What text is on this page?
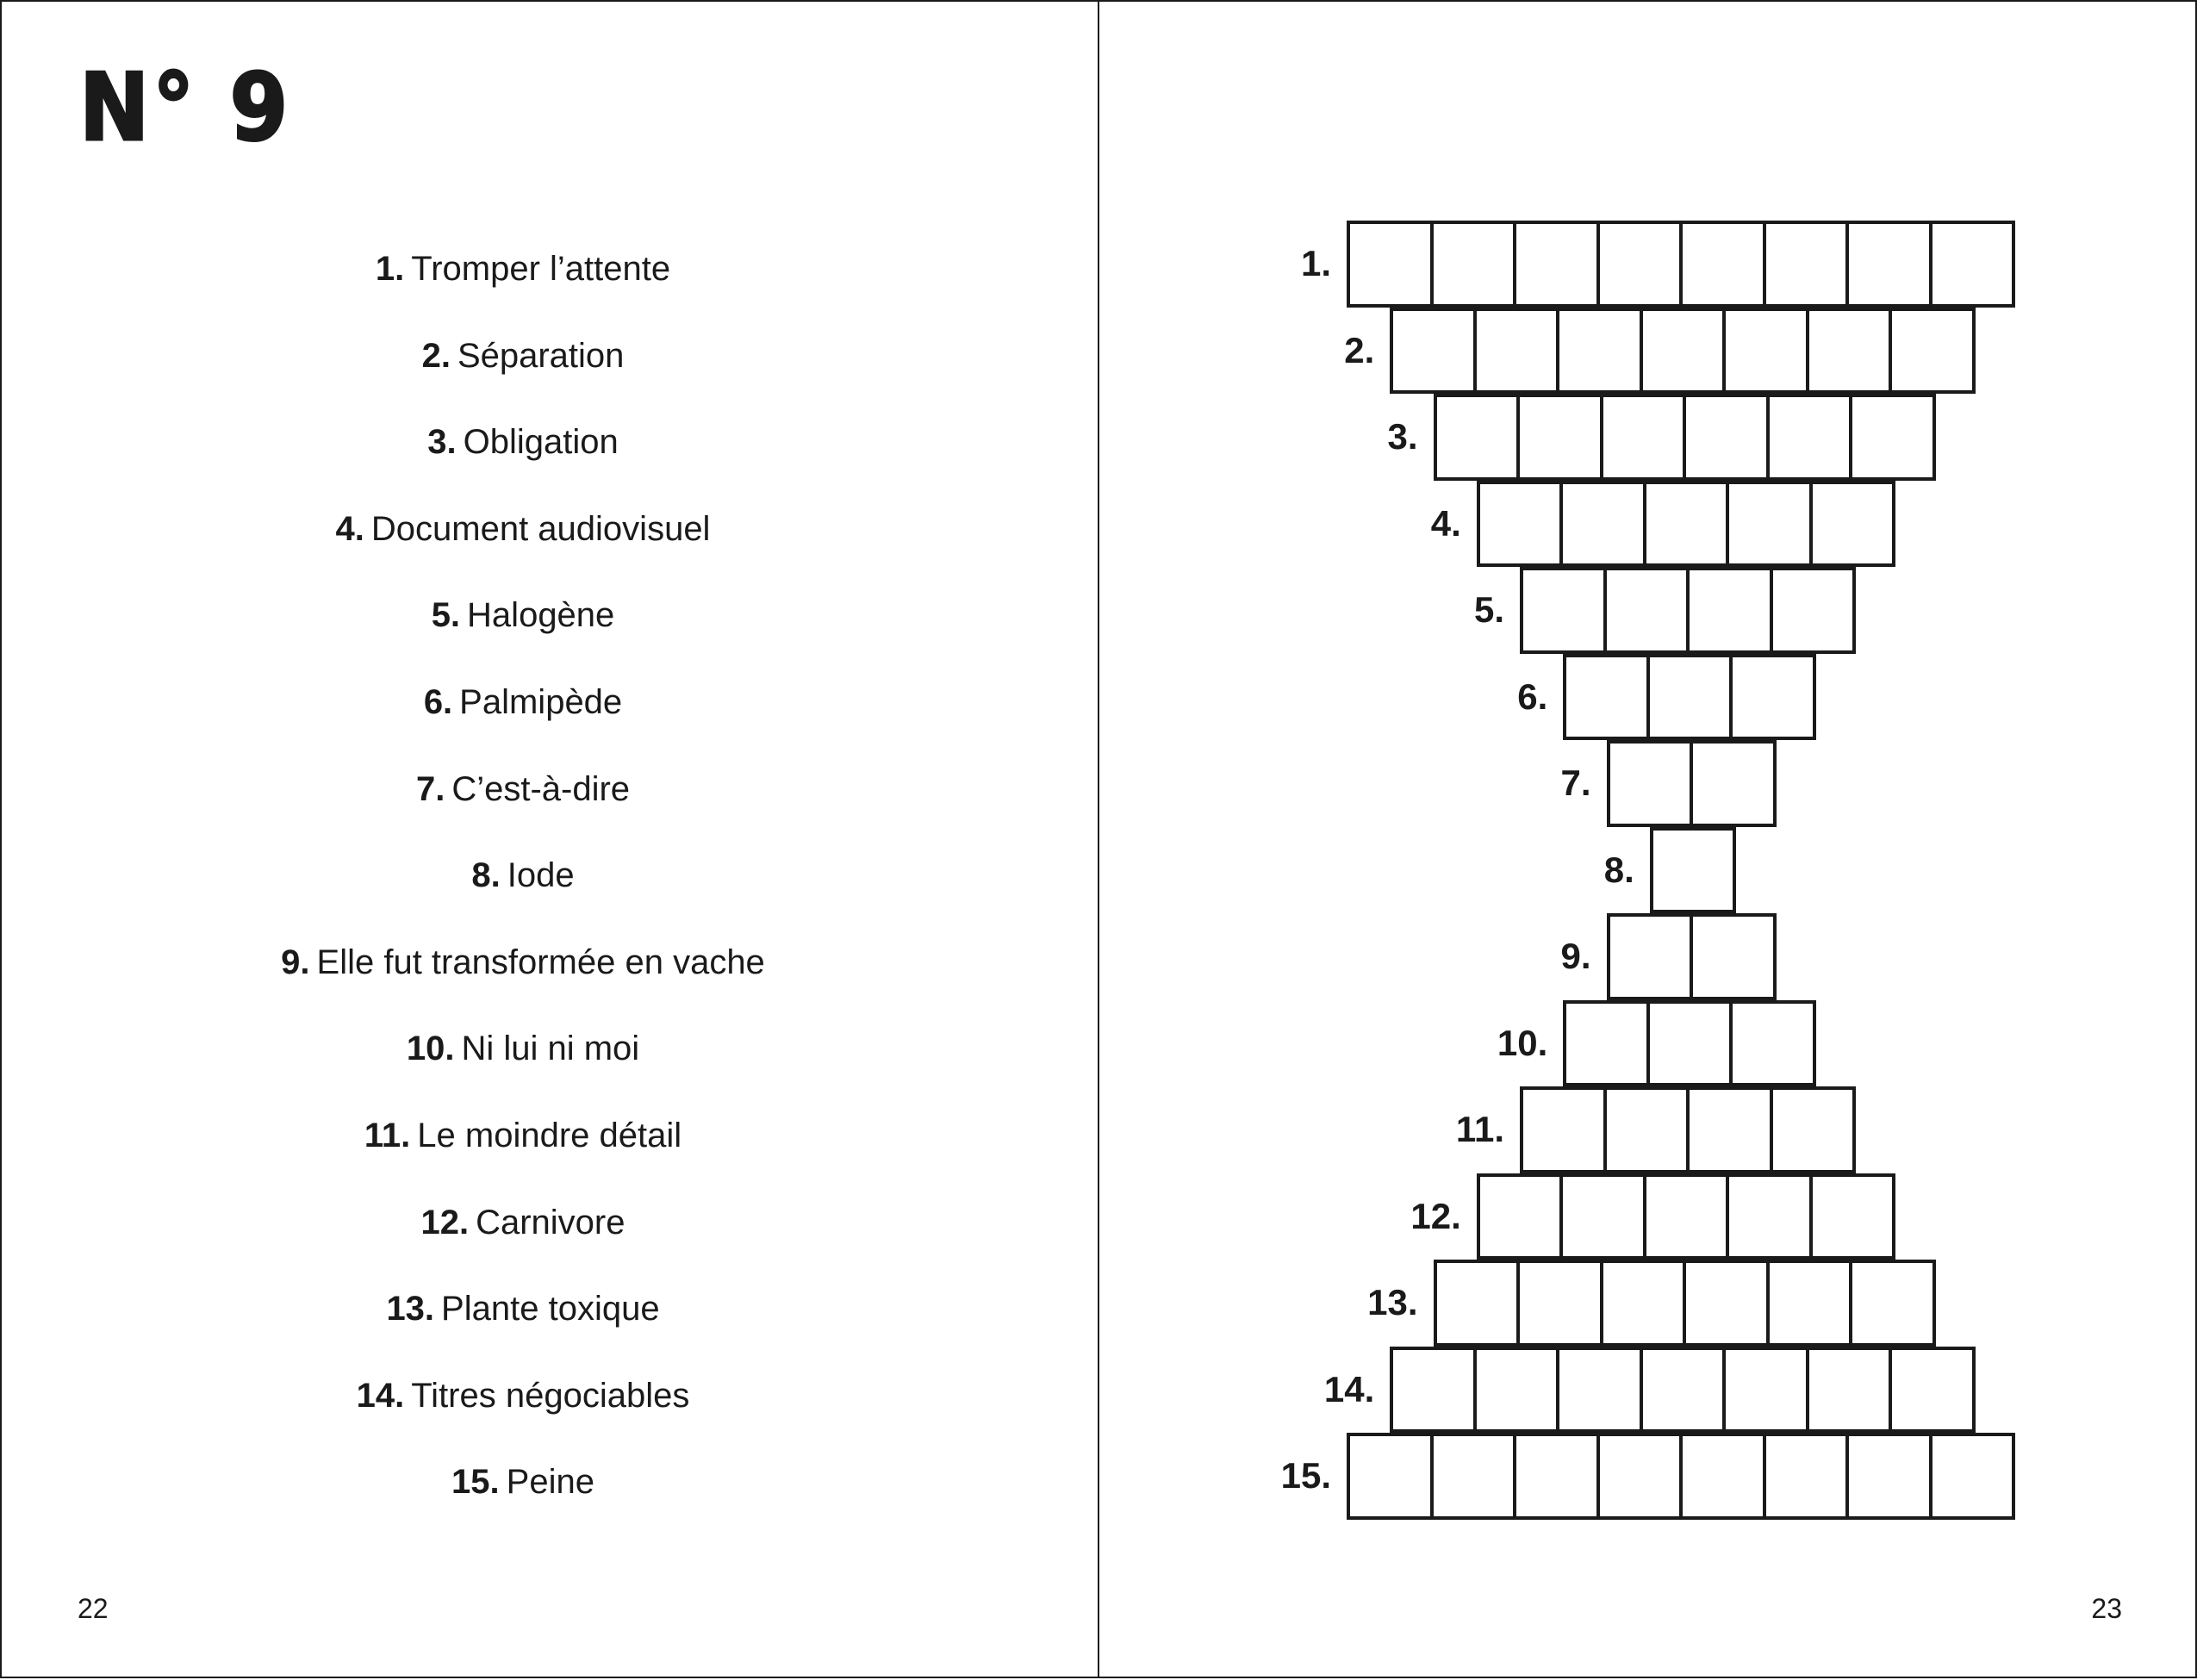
N° 9
1. Tromper l’attente
2. Séparation
3. Obligation
4. Document audiovisuel
5. Halogène
6. Palmipède
7. C’est-à-dire
8. Iode
9. Elle fut transformée en vache
10. Ni lui ni moi
11. Le moindre détail
12. Carnivore
13. Plante toxique
14. Titres négociables
15. Peine
22	23
1.
2.
3.
4.
5.
6.
7.
8.
9.
10.
11.
12.
13.
14.
15.
